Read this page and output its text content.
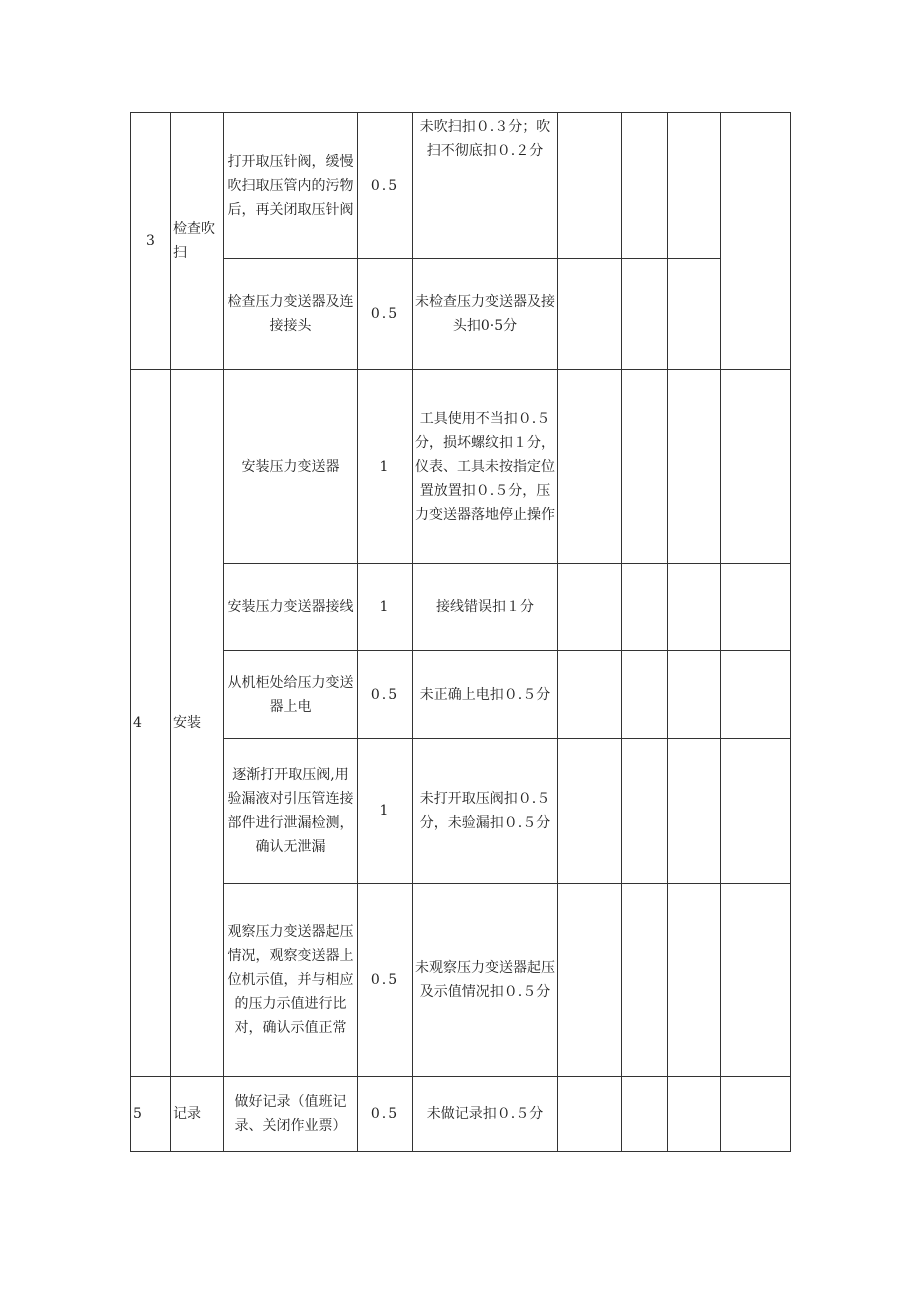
3	检查吹扫	打开取压针阀，缓慢吹扫取压管内的污物后，再关闭取压针阀	0.5	未吹扫扣０.３分；吹扫不彻底扣０.２分				

		检查压力变送器及连接接头	0.5	未检查压力变送器及接头扣0·5分				

4	安装	安装压力变送器	1	工具使用不当扣０.５分，损坏螺纹扣１分，仪表、工具未按指定位置放置扣０.５分，压力变送器落地停止操作				

		安装压力变送器接线	1	接线错误扣１分				

		从机柜处给压力变送器上电	0.5	未正确上电扣０.５分				

		逐渐打开取压阀,用验漏液对引压管连接部件进行泄漏检测，确认无泄漏	1	未打开取压阀扣０.５分，未验漏扣０.５分				

		观察压力变送器起压情况，观察变送器上位机示值，并与相应的压力示值进行比对，确认示值正常	0.5	未观察压力变送器起压及示值情况扣０.５分				

5	记录	做好记录（值班记录、关闭作业票）	0.5	未做记录扣０.５分				
